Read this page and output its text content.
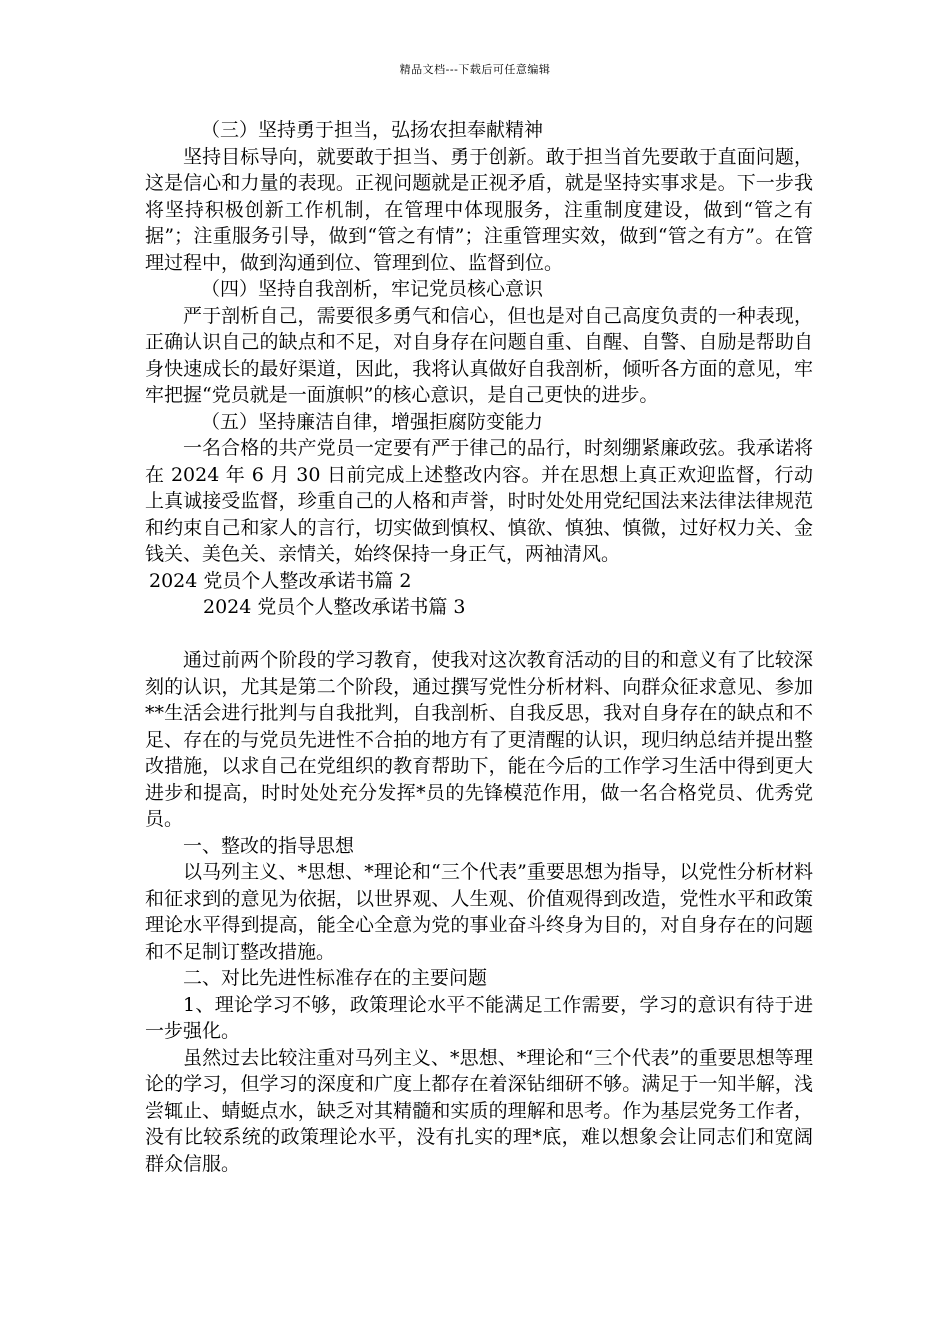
精品文档---下载后可任意编辑

（三）坚持勇于担当，弘扬农担奉献精神

坚持目标导向，就要敢于担当、勇于创新。敢于担当首先要敢于直面问题，这是信心和力量的表现。正视问题就是正视矛盾，就是坚持实事求是。下一步我将坚持积极创新工作机制，在管理中体现服务，注重制度建设，做到“管之有据”；注重服务引导，做到“管之有情”；注重管理实效，做到“管之有方”。在管理过程中，做到沟通到位、管理到位、监督到位。

（四）坚持自我剖析，牢记党员核心意识

严于剖析自己，需要很多勇气和信心，但也是对自己高度负责的一种表现，正确认识自己的缺点和不足，对自身存在问题自重、自醒、自警、自励是帮助自身快速成长的最好渠道，因此，我将认真做好自我剖析，倾听各方面的意见，牢牢把握“党员就是一面旗帜”的核心意识，是自己更快的进步。

（五）坚持廉洁自律，增强拒腐防变能力

一名合格的共产党员一定要有严于律己的品行，时刻绷紧廉政弦。我承诺将在 2024 年 6 月 30 日前完成上述整改内容。并在思想上真正欢迎监督，行动上真诚接受监督，珍重自己的人格和声誉，时时处处用党纪国法来法律法律规范和约束自己和家人的言行，切实做到慎权、慎欲、慎独、慎微，过好权力关、金钱关、美色关、亲情关，始终保持一身正气，两袖清风。

2024 党员个人整改承诺书篇 2

2024 党员个人整改承诺书篇 3

通过前两个阶段的学习教育，使我对这次教育活动的目的和意义有了比较深刻的认识，尤其是第二个阶段，通过撰写党性分析材料、向群众征求意见、参加**生活会进行批判与自我批判，自我剖析、自我反思，我对自身存在的缺点和不足、存在的与党员先进性不合拍的地方有了更清醒的认识，现归纳总结并提出整改措施，以求自己在党组织的教育帮助下，能在今后的工作学习生活中得到更大进步和提高，时时处处充分发挥*员的先锋模范作用，做一名合格党员、优秀党员。

一、整改的指导思想

以马列主义、*思想、*理论和“三个代表”重要思想为指导，以党性分析材料和征求到的意见为依据，以世界观、人生观、价值观得到改造，党性水平和政策理论水平得到提高，能全心全意为党的事业奋斗终身为目的，对自身存在的问题和不足制订整改措施。

二、对比先进性标准存在的主要问题

1、理论学习不够，政策理论水平不能满足工作需要，学习的意识有待于进一步强化。

虽然过去比较注重对马列主义、*思想、*理论和“三个代表”的重要思想等理论的学习，但学习的深度和广度上都存在着深钻细研不够。满足于一知半解，浅尝辄止、蜻蜓点水，缺乏对其精髓和实质的理解和思考。作为基层党务工作者，没有比较系统的政策理论水平，没有扎实的理*底，难以想象会让同志们和宽阔群众信服。
